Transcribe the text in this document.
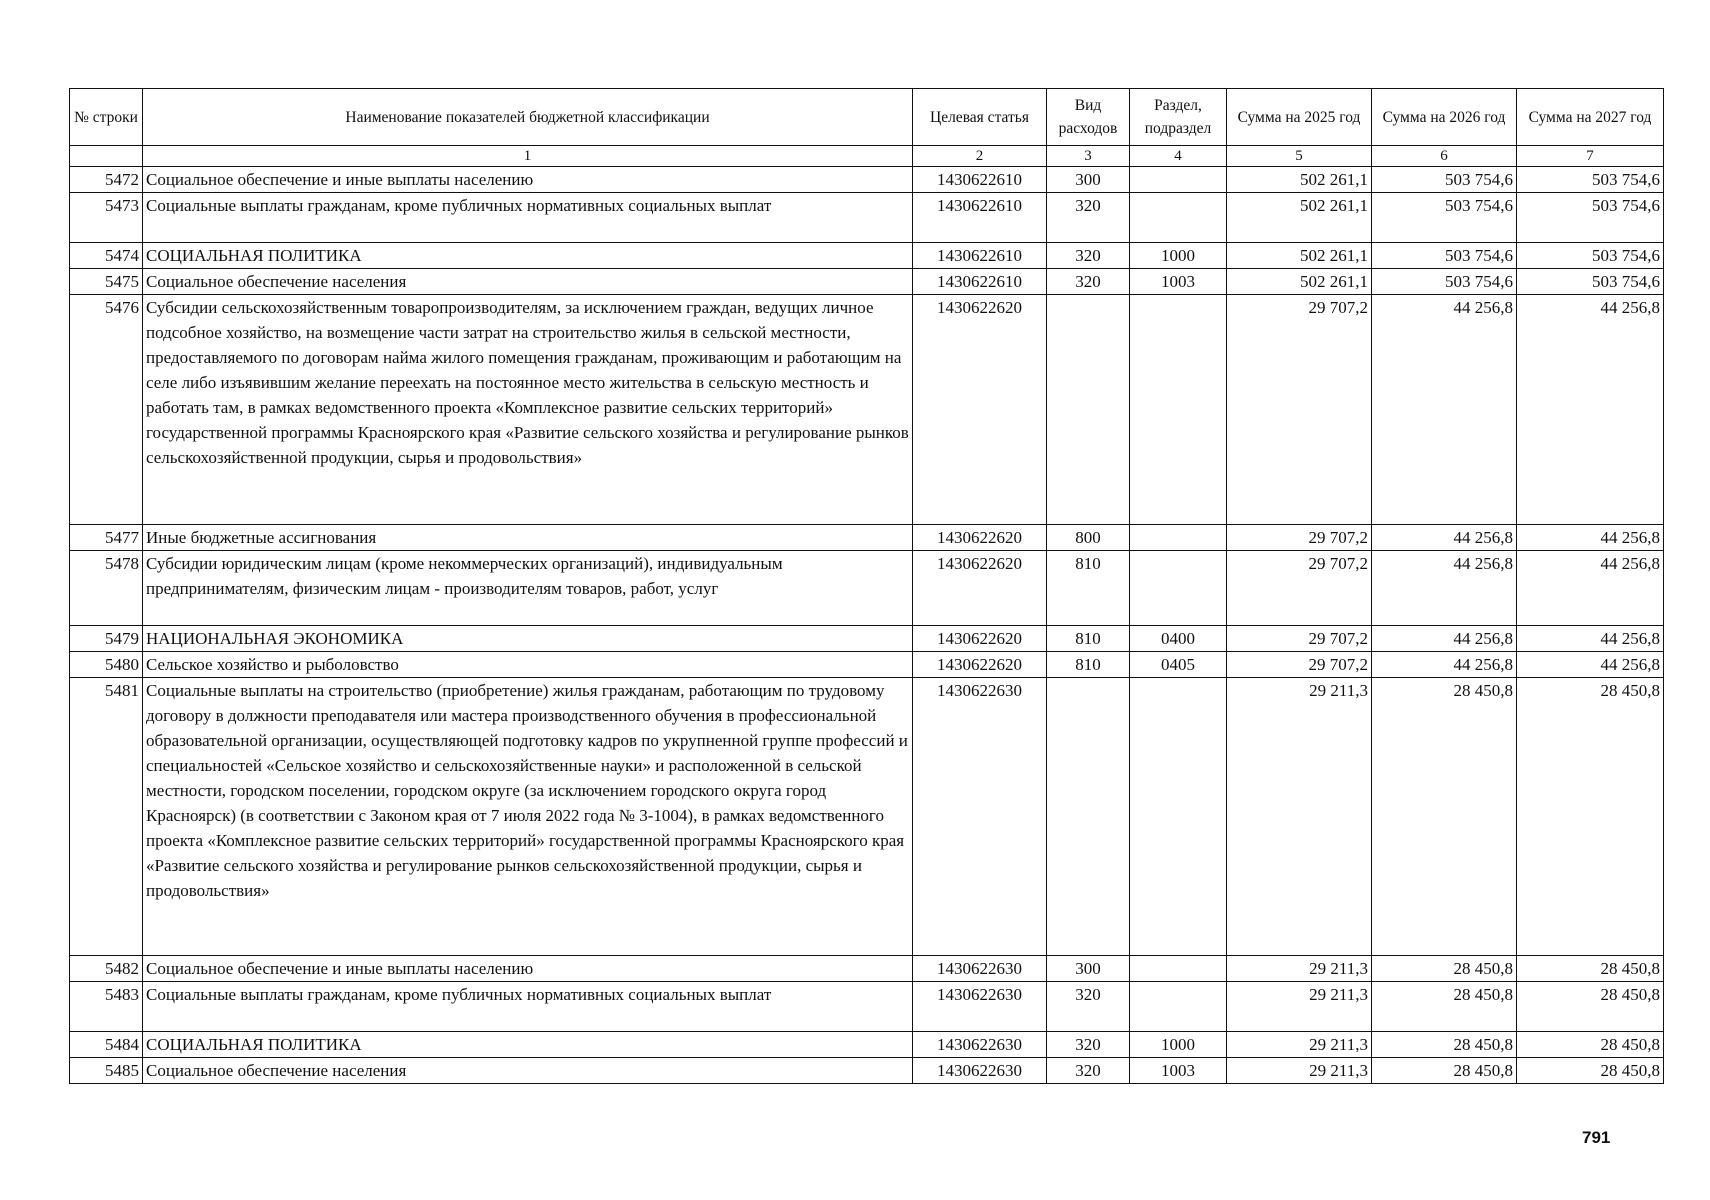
№ строки	Наименование показателей бюджетной классификации	Целевая статья	Вид расходов	Раздел, подраздел	Сумма на 2025 год	Сумма на 2026 год	Сумма на 2027 год
	1	2	3	4	5	6	7
5472	Социальное обеспечение и иные выплаты населению	1430622610	300		502 261,1	503 754,6	503 754,6
5473	Социальные выплаты гражданам, кроме публичных нормативных социальных выплат	1430622610	320		502 261,1	503 754,6	503 754,6
5474	СОЦИАЛЬНАЯ ПОЛИТИКА	1430622610	320	1000	502 261,1	503 754,6	503 754,6
5475	Социальное обеспечение населения	1430622610	320	1003	502 261,1	503 754,6	503 754,6
5476	Субсидии сельскохозяйственным товаропроизводителям, за исключением граждан, ведущих личное подсобное хозяйство, на возмещение части затрат на строительство жилья в сельской местности, предоставляемого по договорам найма жилого помещения гражданам, проживающим и работающим на селе либо изъявившим желание переехать на постоянное место жительства в сельскую местность и работать там, в рамках ведомственного проекта «Комплексное развитие сельских территорий» государственной программы Красноярского края «Развитие сельского хозяйства и регулирование рынков сельскохозяйственной продукции, сырья и продовольствия»	1430622620			29 707,2	44 256,8	44 256,8
5477	Иные бюджетные ассигнования	1430622620	800		29 707,2	44 256,8	44 256,8
5478	Субсидии юридическим лицам (кроме некоммерческих организаций), индивидуальным предпринимателям, физическим лицам - производителям товаров, работ, услуг	1430622620	810		29 707,2	44 256,8	44 256,8
5479	НАЦИОНАЛЬНАЯ ЭКОНОМИКА	1430622620	810	0400	29 707,2	44 256,8	44 256,8
5480	Сельское хозяйство и рыболовство	1430622620	810	0405	29 707,2	44 256,8	44 256,8
5481	Социальные выплаты на строительство (приобретение) жилья гражданам, работающим по трудовому договору в должности преподавателя или мастера производственного обучения в профессиональной образовательной организации, осуществляющей подготовку кадров по укрупненной группе профессий и специальностей «Сельское хозяйство и сельскохозяйственные науки» и расположенной в сельской местности, городском поселении, городском округе (за исключением городского округа город Красноярск) (в соответствии с Законом края от 7 июля 2022 года № 3-1004), в рамках ведомственного проекта «Комплексное развитие сельских территорий» государственной программы Красноярского края «Развитие сельского хозяйства и регулирование рынков сельскохозяйственной продукции, сырья и продовольствия»	1430622630			29 211,3	28 450,8	28 450,8
5482	Социальное обеспечение и иные выплаты населению	1430622630	300		29 211,3	28 450,8	28 450,8
5483	Социальные выплаты гражданам, кроме публичных нормативных социальных выплат	1430622630	320		29 211,3	28 450,8	28 450,8
5484	СОЦИАЛЬНАЯ ПОЛИТИКА	1430622630	320	1000	29 211,3	28 450,8	28 450,8
5485	Социальное обеспечение населения	1430622630	320	1003	29 211,3	28 450,8	28 450,8
791
